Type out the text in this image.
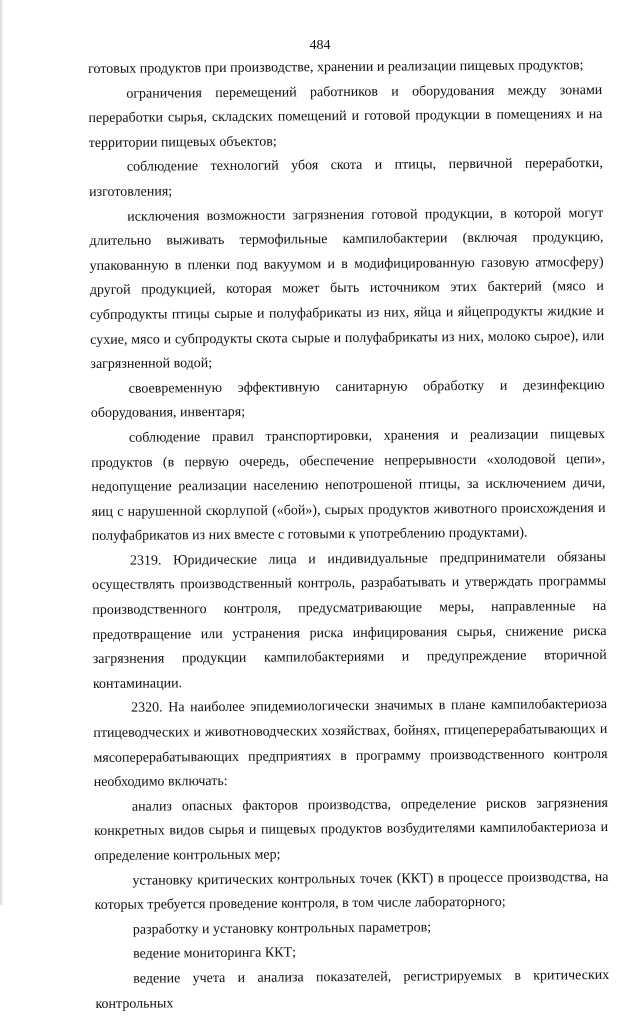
484

готовых продуктов при производстве, хранении и реализации пищевых продуктов;

ограничения перемещений работников и оборудования между зонами переработки сырья, складских помещений и готовой продукции в помещениях и на территории пищевых объектов;

соблюдение технологий убоя скота и птицы, первичной переработки, изготовления;

исключения возможности загрязнения готовой продукции, в которой могут длительно выживать термофильные кампилобактерии (включая продукцию, упакованную в пленки под вакуумом и в модифицированную газовую атмосферу) другой продукцией, которая может быть источником этих бактерий (мясо и субпродукты птицы сырые и полуфабрикаты из них, яйца и яйцепродукты жидкие и сухие, мясо и субпродукты скота сырые и полуфабрикаты из них, молоко сырое), или загрязненной водой;

своевременную эффективную санитарную обработку и дезинфекцию оборудования, инвентаря;

соблюдение правил транспортировки, хранения и реализации пищевых продуктов (в первую очередь, обеспечение непрерывности «холодовой цепи», недопущение реализации населению непотрошеной птицы, за исключением дичи, яиц с нарушенной скорлупой («бой»), сырых продуктов животного происхождения и полуфабрикатов из них вместе с готовыми к употреблению продуктами).

2319. Юридические лица и индивидуальные предприниматели обязаны осуществлять производственный контроль, разрабатывать и утверждать программы производственного контроля, предусматривающие меры, направленные на предотвращение или устранения риска инфицирования сырья, снижение риска загрязнения продукции кампилобактериями и предупреждение вторичной контаминации.

2320. На наиболее эпидемиологически значимых в плане кампилобактериоза птицеводческих и животноводческих хозяйствах, бойнях, птицеперерабатывающих и мясоперерабатывающих предприятиях в программу производственного контроля необходимо включать:

анализ опасных факторов производства, определение рисков загрязнения конкретных видов сырья и пищевых продуктов возбудителями кампилобактериоза и определение контрольных мер;

установку критических контрольных точек (ККТ) в процессе производства, на которых требуется проведение контроля, в том числе лабораторного;

разработку и установку контрольных параметров;

ведение мониторинга ККТ;

ведение учета и анализа показателей, регистрируемых в критических контрольных
